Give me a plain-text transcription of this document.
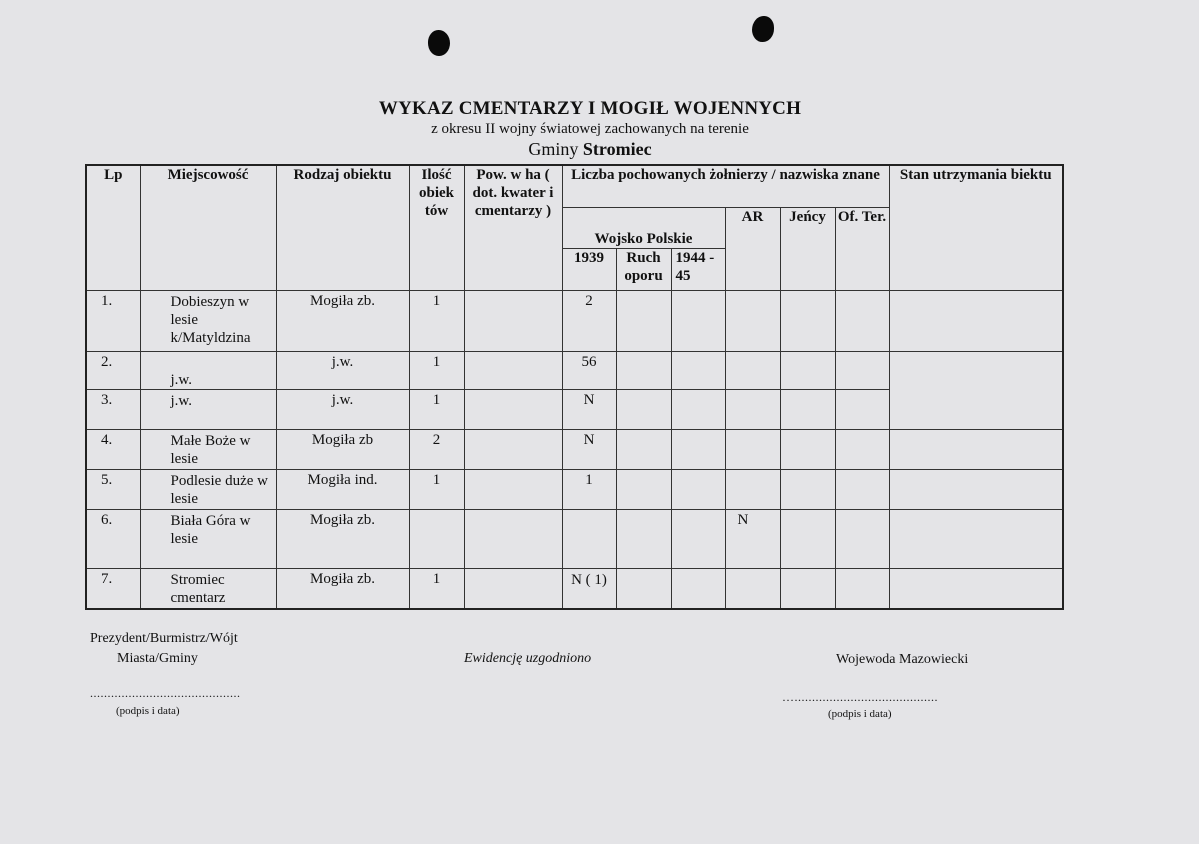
WYKAZ CMENTARZY I MOGIŁ WOJENNYCH
z okresu II wojny światowej zachowanych na terenie
Gminy Stromiec
Lp	Miejscowość	Rodzaj obiektu	Ilość obiek tów	Pow. w ha ( dot. kwater i cmentarzy )	Liczba pochowanych żołnierzy / nazwiska znane						Stan utrzymania biektu
					Wojsko Polskie			AR	Jeńcy	Of. Ter.	
					1939	Ruch oporu	1944 - 45				
1.	Dobieszyn w lesie k/Matyldzina	Mogiła zb.	1		2						
2.	j.w.	j.w.	1		56						
3.	j.w.	j.w.	1		N						
4.	Małe Boże w lesie	Mogiła zb	2		N						
5.	Podlesie duże w lesie	Mogiła ind.	1		1						
6.	Biała Góra w lesie	Mogiła zb.						N			
7.	Stromiec cmentarz	Mogiła zb.	1		N ( 1)						
Prezydent/Burmistrz/Wójt
Miasta/Gminy	Ewidencję uzgodniono	Wojewoda Mazowiecki
...........................................	….........................................
(podpis i data)	(podpis i data)
